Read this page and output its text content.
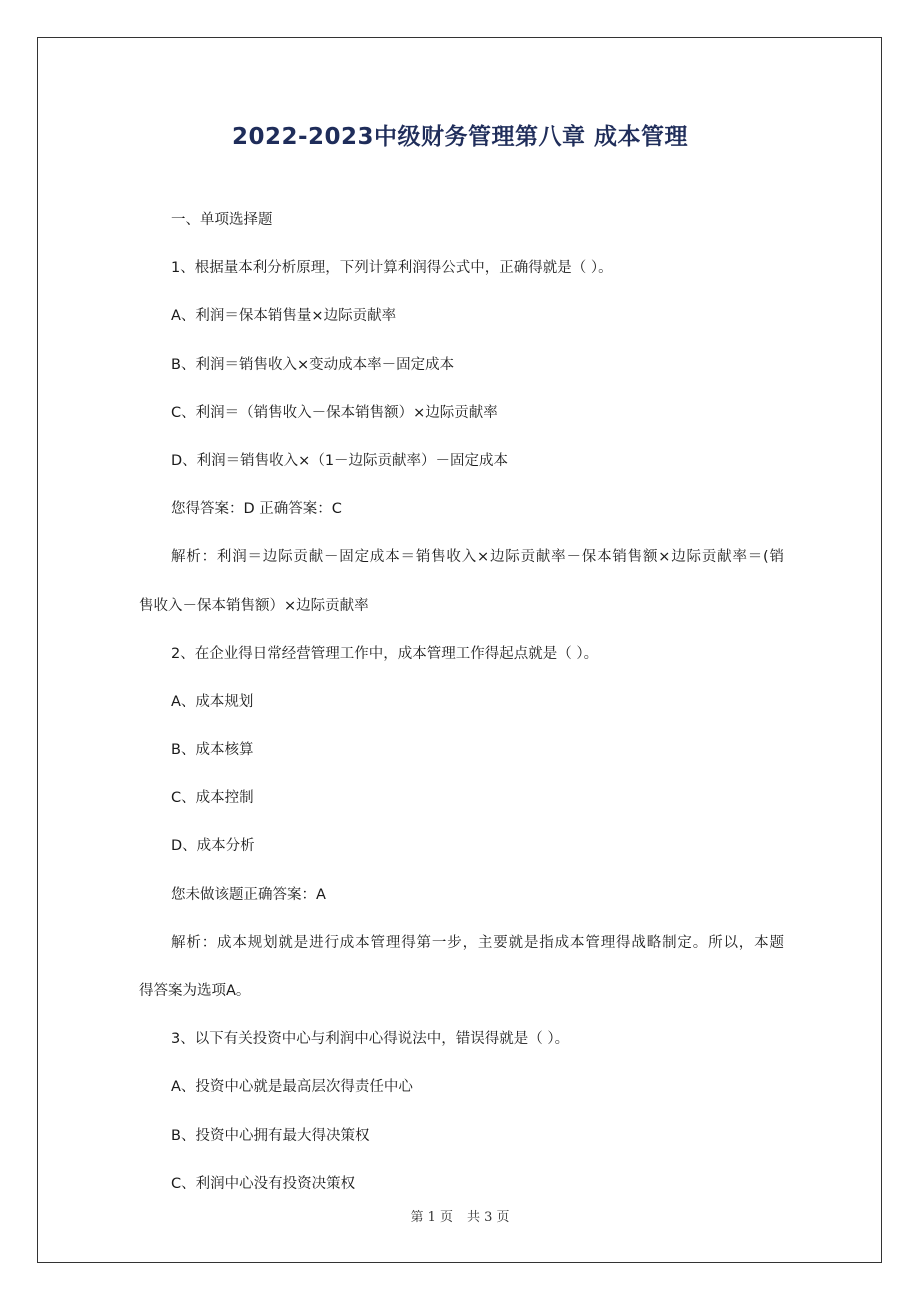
2022-2023中级财务管理第八章 成本管理
一、单项选择题
1、根据量本利分析原理，下列计算利润得公式中，正确得就是（ ）。
A、利润＝保本销售量×边际贡献率
B、利润＝销售收入×变动成本率－固定成本
C、利润＝（销售收入－保本销售额）×边际贡献率
D、利润＝销售收入×（1－边际贡献率）－固定成本
您得答案：D 正确答案：C
解析：利润＝边际贡献－固定成本＝销售收入×边际贡献率－保本销售额×边际贡献率＝(销
售收入－保本销售额）×边际贡献率
2、在企业得日常经营管理工作中，成本管理工作得起点就是（ ）。
A、成本规划
B、成本核算
C、成本控制
D、成本分析
您未做该题正确答案：A
解析：成本规划就是进行成本管理得第一步，主要就是指成本管理得战略制定。所以，本题
得答案为选项A。
3、以下有关投资中心与利润中心得说法中，错误得就是（ ）。
A、投资中心就是最高层次得责任中心
B、投资中心拥有最大得决策权
C、利润中心没有投资决策权
第 1 页 共 3 页
